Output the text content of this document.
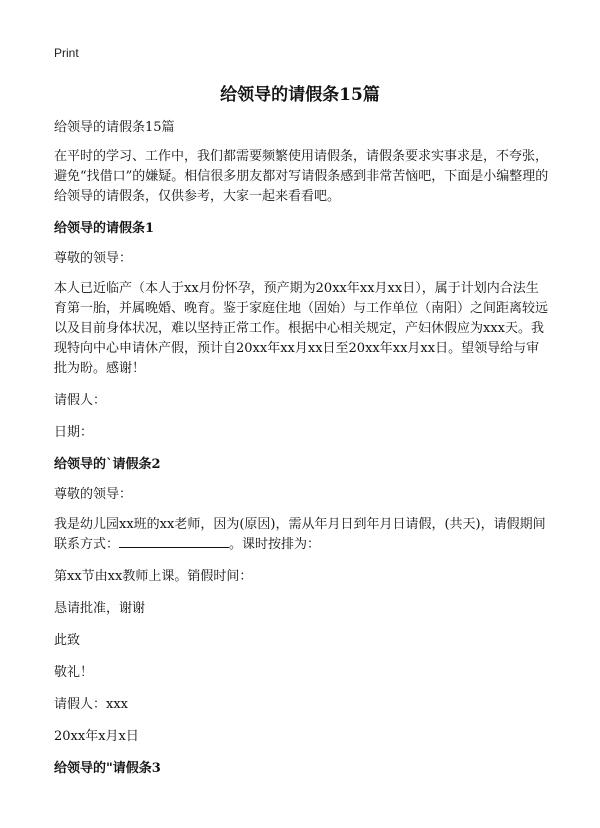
Print
给领导的请假条15篇

给领导的请假条15篇

在平时的学习、工作中，我们都需要频繁使用请假条，请假条要求实事求是，不夸张，避免“找借口”的嫌疑。相信很多朋友都对写请假条感到非常苦恼吧，下面是小编整理的给领导的请假条，仅供参考，大家一起来看看吧。

给领导的请假条1

尊敬的领导：

本人已近临产（本人于xx月份怀孕，预产期为20xx年xx月xx日），属于计划内合法生育第一胎，并属晚婚、晚育。鉴于家庭住地（固始）与工作单位（南阳）之间距离较远以及目前身体状况，难以坚持正常工作。根据中心相关规定，产妇休假应为xxx天。我现特向中心申请休产假，预计自20xx年xx月xx日至20xx年xx月xx日。望领导给与审批为盼。感谢！

请假人：

日期：

给领导的`请假条2

尊敬的领导：

我是幼儿园xx班的xx老师，因为(原因)，需从年月日到年月日请假，(共天)，请假期间联系方式：	。课时按排为：

第xx节由xx教师上课。销假时间：

恳请批准，谢谢

此致

敬礼！

请假人：xxx

20xx年x月x日

给领导的"请假条3
